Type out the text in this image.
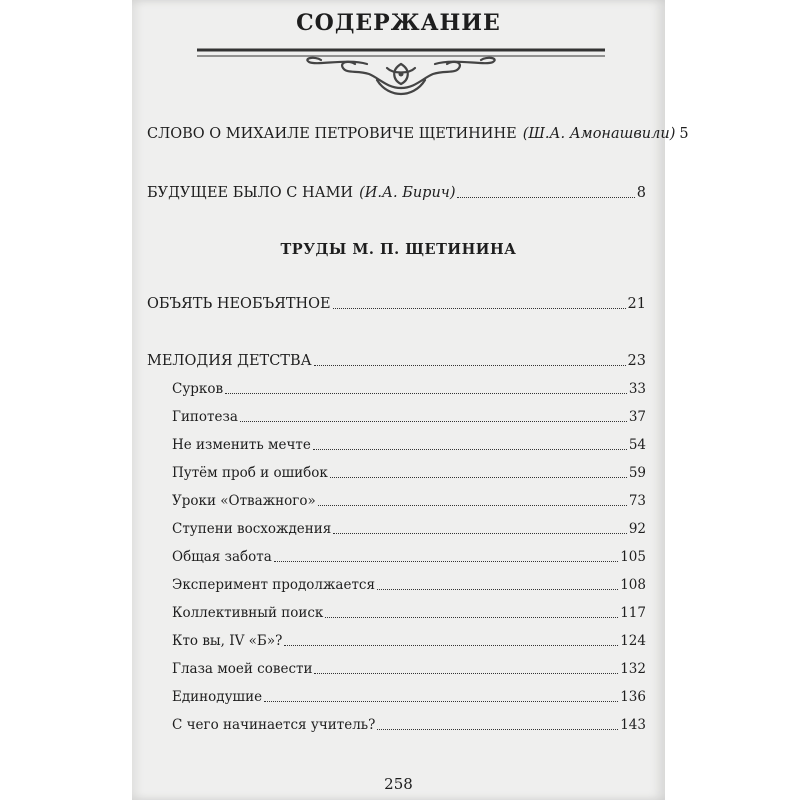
СОДЕРЖАНИЕ
СЛОВО О МИХАИЛЕ ПЕТРОВИЧЕ ЩЕТИНИНЕ (Ш.А. Амонашвили) 5
БУДУЩЕЕ БЫЛО С НАМИ (И.А. Бирич)	8
ТРУДЫ М. П. ЩЕТИНИНА
ОБЪЯТЬ НЕОБЪЯТНОЕ	21
МЕЛОДИЯ ДЕТСТВА	23
Сурков	33
Гипотеза	37
Не изменить мечте	54
Путём проб и ошибок	59
Уроки «Отважного»	73
Ступени восхождения	92
Общая забота	105
Эксперимент продолжается	108
Коллективный поиск	117
Кто вы, IV «Б»?	124
Глаза моей совести	132
Единодушие	136
С чего начинается учитель?	143
258
